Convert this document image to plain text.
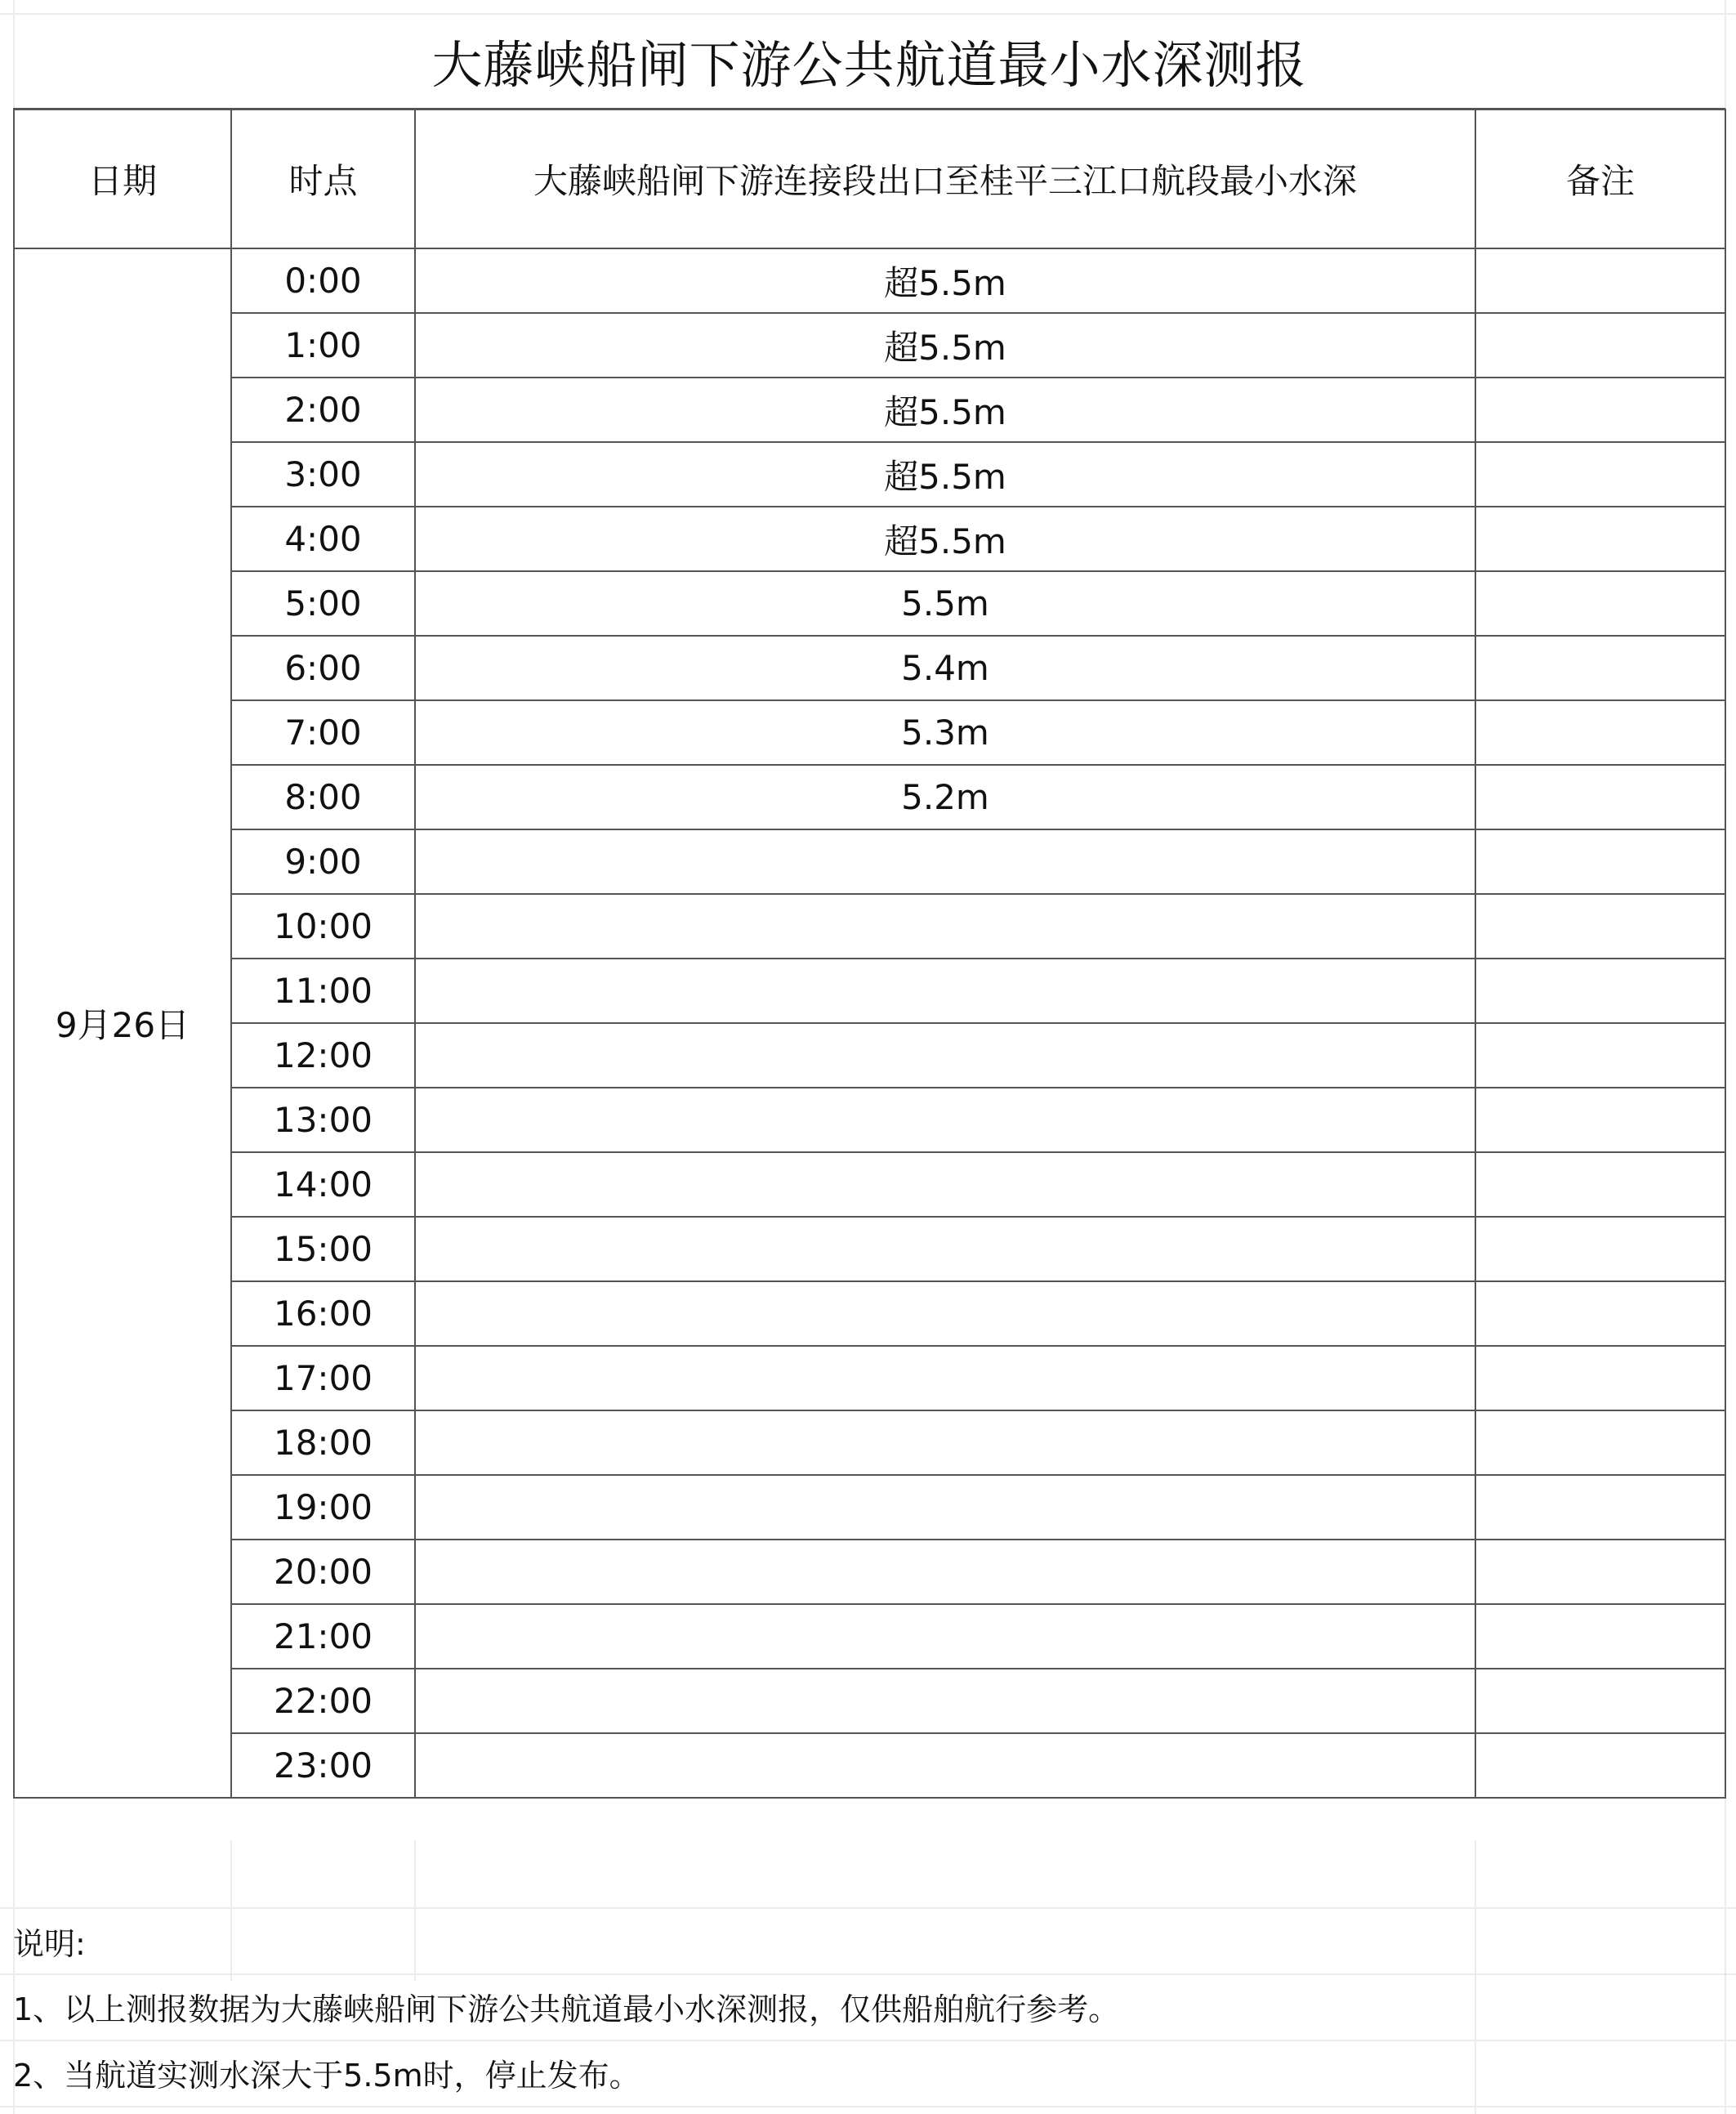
大藤峡船闸下游公共航道最小水深测报
日期	时点	大藤峡船闸下游连接段出口至桂平三江口航段最小水深	备注
9月26日	0:00	超5.5m	
	1:00	超5.5m	
	2:00	超5.5m	
	3:00	超5.5m	
	4:00	超5.5m	
	5:00	5.5m	
	6:00	5.4m	
	7:00	5.3m	
	8:00	5.2m	
	9:00		
	10:00		
	11:00		
	12:00		
	13:00		
	14:00		
	15:00		
	16:00		
	17:00		
	18:00		
	19:00		
	20:00		
	21:00		
	22:00		
	23:00		
说明:
1、以上测报数据为大藤峡船闸下游公共航道最小水深测报，仅供船舶航行参考。
2、当航道实测水深大于5.5m时，停止发布。
